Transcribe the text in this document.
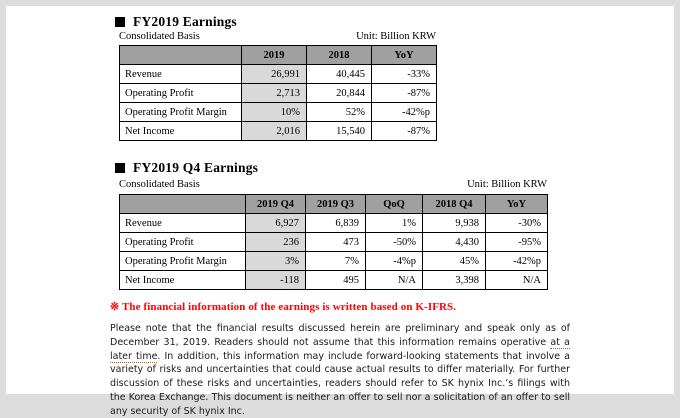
FY2019 Earnings
Consolidated Basis	Unit: Billion KRW
	2019	2018	YoY
Revenue	26,991	40,445	-33%
Operating Profit	2,713	20,844	-87%
Operating Profit Margin	10%	52%	-42%p
Net Income	2,016	15,540	-87%
FY2019 Q4 Earnings
Consolidated Basis	Unit: Billion KRW
	2019 Q4	2019 Q3	QoQ	2018 Q4	YoY
Revenue	6,927	6,839	1%	9,938	-30%
Operating Profit	236	473	-50%	4,430	-95%
Operating Profit Margin	3%	7%	-4%p	45%	-42%p
Net Income	-118	495	N/A	3,398	N/A
※ The financial information of the earnings is written based on K-IFRS.

Please note that the financial results discussed herein are preliminary and speak only as of December 31, 2019. Readers should not assume that this information remains operative at a later time. In addition, this information may include forward-looking statements that involve a variety of risks and uncertainties that could cause actual results to differ materially. For further discussion of these risks and uncertainties, readers should refer to SK hynix Inc.’s filings with the Korea Exchange. This document is neither an offer to sell nor a solicitation of an offer to sell any security of SK hynix Inc.
